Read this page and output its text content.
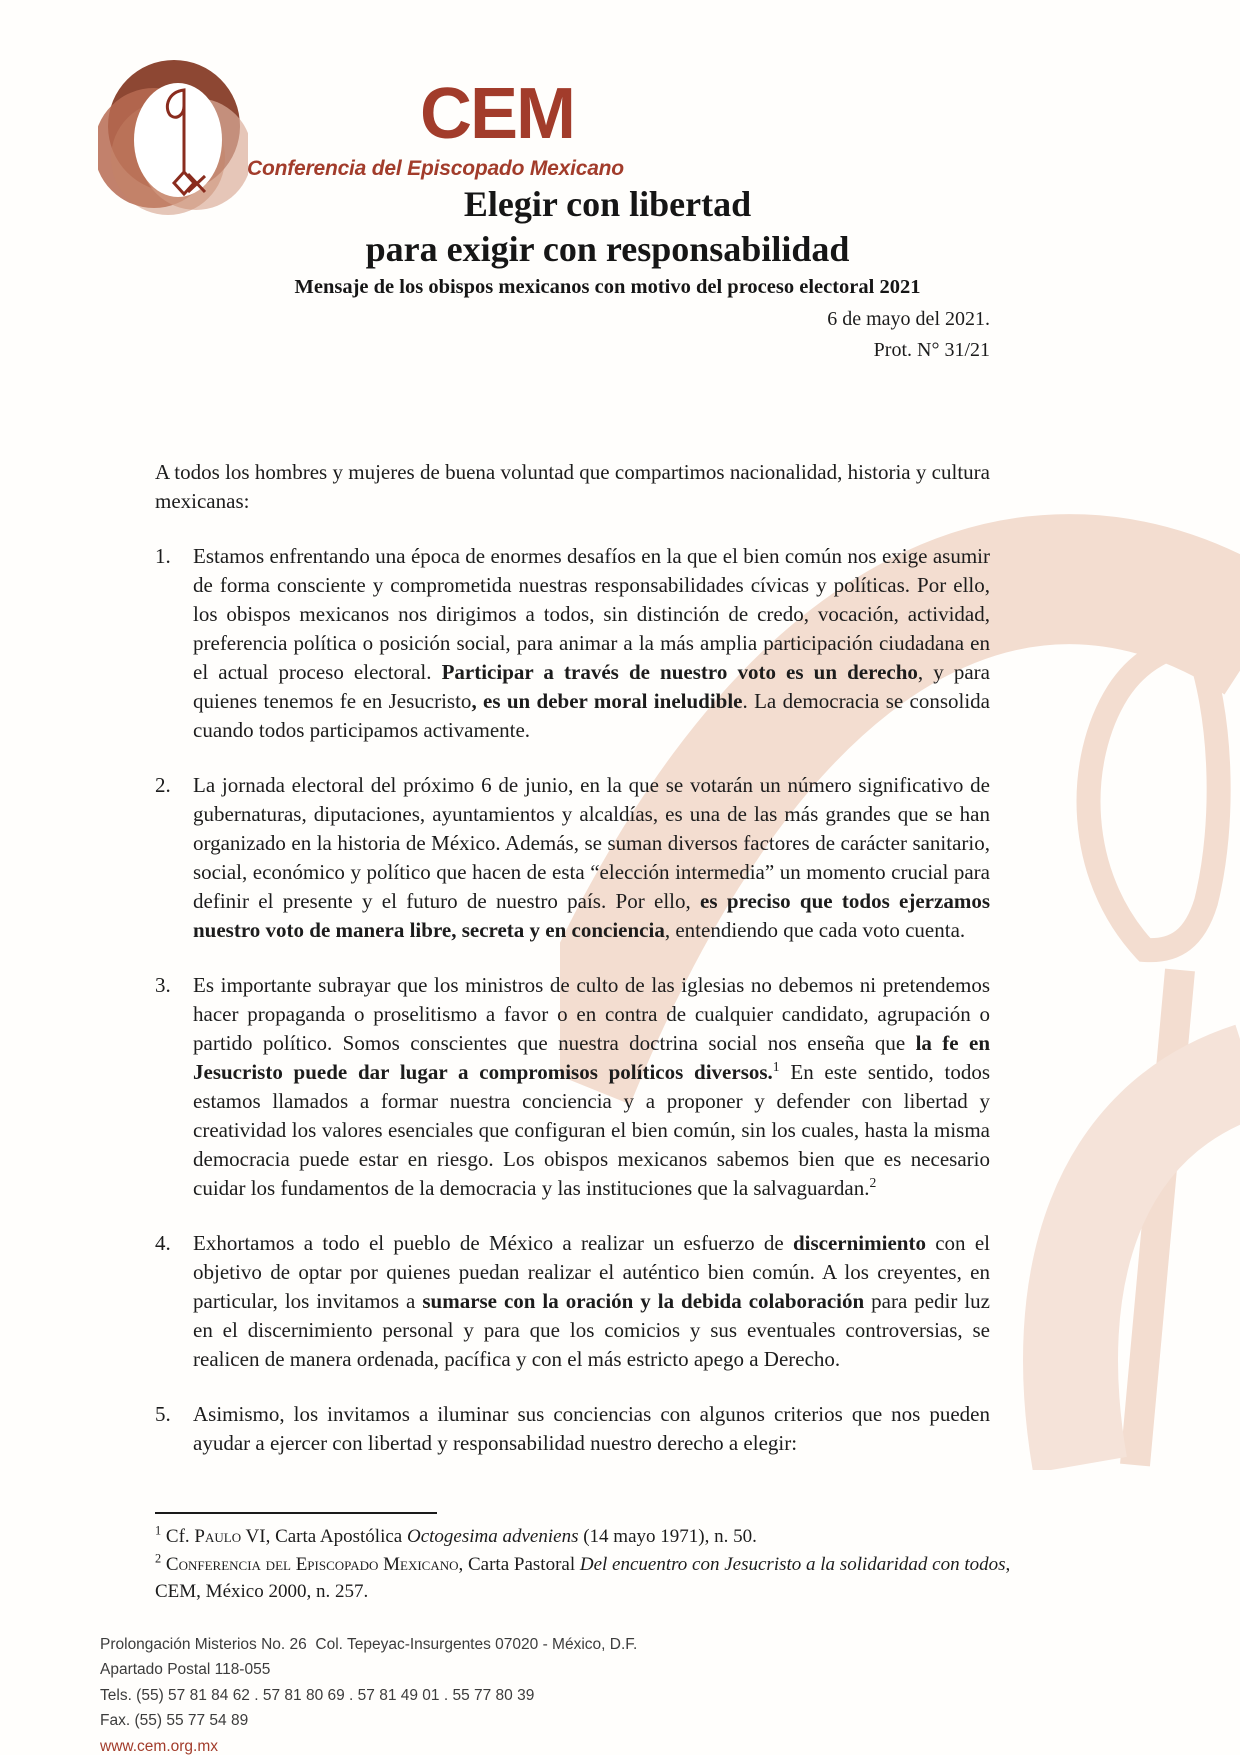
CEM
Conferencia del Episcopado Mexicano
Elegir con libertad
para exigir con responsabilidad
Mensaje de los obispos mexicanos con motivo del proceso electoral 2021
6 de mayo del 2021.
Prot. N° 31/21

A todos los hombres y mujeres de buena voluntad que compartimos nacionalidad, historia y cultura mexicanas:

1.	Estamos enfrentando una época de enormes desafíos en la que el bien común nos exige asumir de forma consciente y comprometida nuestras responsabilidades cívicas y políticas. Por ello, los obispos mexicanos nos dirigimos a todos, sin distinción de credo, vocación, actividad, preferencia política o posición social, para animar a la más amplia participación ciudadana en el actual proceso electoral. Participar a través de nuestro voto es un derecho, y para quienes tenemos fe en Jesucristo, es un deber moral ineludible. La democracia se consolida cuando todos participamos activamente.
2.	La jornada electoral del próximo 6 de junio, en la que se votarán un número significativo de gubernaturas, diputaciones, ayuntamientos y alcaldías, es una de las más grandes que se han organizado en la historia de México. Además, se suman diversos factores de carácter sanitario, social, económico y político que hacen de esta “elección intermedia” un momento crucial para definir el presente y el futuro de nuestro país. Por ello, es preciso que todos ejerzamos nuestro voto de manera libre, secreta y en conciencia, entendiendo que cada voto cuenta.
3.	Es importante subrayar que los ministros de culto de las iglesias no debemos ni pretendemos hacer propaganda o proselitismo a favor o en contra de cualquier candidato, agrupación o partido político. Somos conscientes que nuestra doctrina social nos enseña que la fe en Jesucristo puede dar lugar a compromisos políticos diversos.$^1$ En este sentido, todos estamos llamados a formar nuestra conciencia y a proponer y defender con libertad y creatividad los valores esenciales que configuran el bien común, sin los cuales, hasta la misma democracia puede estar en riesgo. Los obispos mexicanos sabemos bien que es necesario cuidar los fundamentos de la democracia y las instituciones que la salvaguardan.$^2$
4.	Exhortamos a todo el pueblo de México a realizar un esfuerzo de discernimiento con el objetivo de optar por quienes puedan realizar el auténtico bien común. A los creyentes, en particular, los invitamos a sumarse con la oración y la debida colaboración para pedir luz en el discernimiento personal y para que los comicios y sus eventuales controversias, se realicen de manera ordenada, pacífica y con el más estricto apego a Derecho.
5.	Asimismo, los invitamos a iluminar sus conciencias con algunos criterios que nos pueden ayudar a ejercer con libertad y responsabilidad nuestro derecho a elegir:
$^1$ Cf. Paulo VI, Carta Apostólica Octogesima adveniens (14 mayo 1971), n. 50.
$^2$ Conferencia del Episcopado Mexicano, Carta Pastoral Del encuentro con Jesucristo a la solidaridad con todos, CEM, México 2000, n. 257.
Prolongación Misterios No. 26  Col. Tepeyac-Insurgentes 07020 - México, D.F.
Apartado Postal 118-055
Tels. (55) 57 81 84 62 . 57 81 80 69 . 57 81 49 01 . 55 77 80 39
Fax. (55) 55 77 54 89
www.cem.org.mx
